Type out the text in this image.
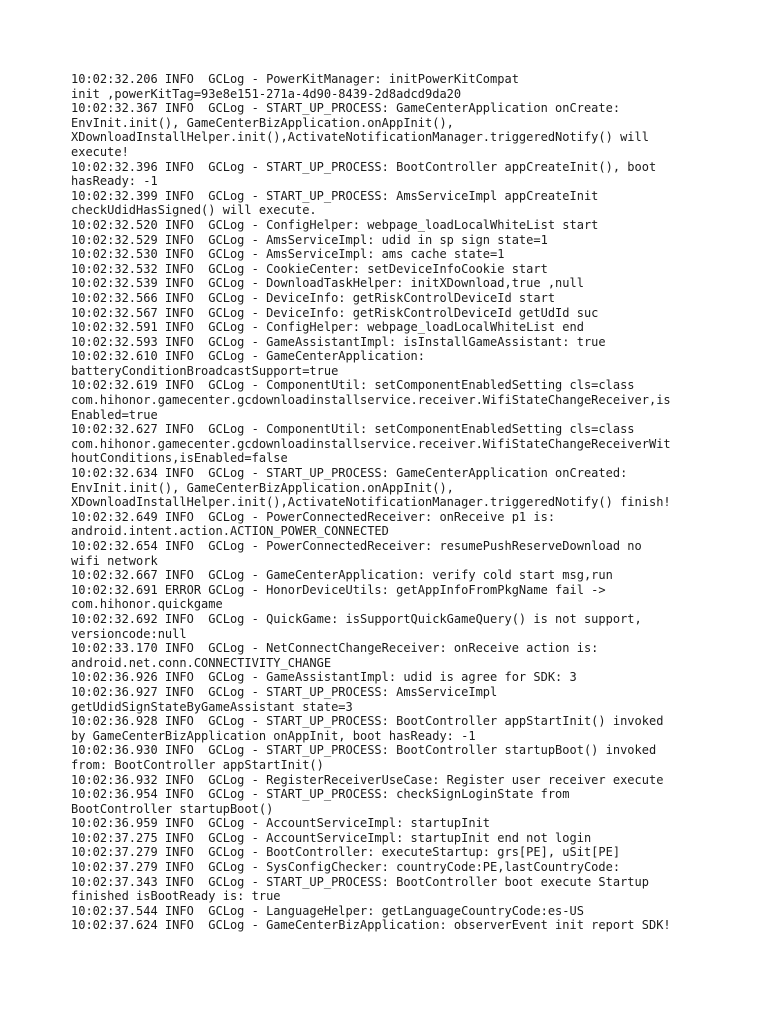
10:02:32.206 INFO  GCLog - PowerKitManager: initPowerKitCompat
init ,powerKitTag=93e8e151-271a-4d90-8439-2d8adcd9da20
10:02:32.367 INFO  GCLog - START_UP_PROCESS: GameCenterApplication onCreate:
EnvInit.init(), GameCenterBizApplication.onAppInit(),
XDownloadInstallHelper.init(),ActivateNotificationManager.triggeredNotify() will
execute!
10:02:32.396 INFO  GCLog - START_UP_PROCESS: BootController appCreateInit(), boot
hasReady: -1
10:02:32.399 INFO  GCLog - START_UP_PROCESS: AmsServiceImpl appCreateInit
checkUdidHasSigned() will execute.
10:02:32.520 INFO  GCLog - ConfigHelper: webpage_loadLocalWhiteList start
10:02:32.529 INFO  GCLog - AmsServiceImpl: udid in sp sign state=1
10:02:32.530 INFO  GCLog - AmsServiceImpl: ams cache state=1
10:02:32.532 INFO  GCLog - CookieCenter: setDeviceInfoCookie start
10:02:32.539 INFO  GCLog - DownloadTaskHelper: initXDownload,true ,null
10:02:32.566 INFO  GCLog - DeviceInfo: getRiskControlDeviceId start
10:02:32.567 INFO  GCLog - DeviceInfo: getRiskControlDeviceId getUdId suc
10:02:32.591 INFO  GCLog - ConfigHelper: webpage_loadLocalWhiteList end
10:02:32.593 INFO  GCLog - GameAssistantImpl: isInstallGameAssistant: true
10:02:32.610 INFO  GCLog - GameCenterApplication:
batteryConditionBroadcastSupport=true
10:02:32.619 INFO  GCLog - ComponentUtil: setComponentEnabledSetting cls=class
com.hihonor.gamecenter.gcdownloadinstallservice.receiver.WifiStateChangeReceiver,is
Enabled=true
10:02:32.627 INFO  GCLog - ComponentUtil: setComponentEnabledSetting cls=class
com.hihonor.gamecenter.gcdownloadinstallservice.receiver.WifiStateChangeReceiverWit
houtConditions,isEnabled=false
10:02:32.634 INFO  GCLog - START_UP_PROCESS: GameCenterApplication onCreated:
EnvInit.init(), GameCenterBizApplication.onAppInit(),
XDownloadInstallHelper.init(),ActivateNotificationManager.triggeredNotify() finish!
10:02:32.649 INFO  GCLog - PowerConnectedReceiver: onReceive p1 is:
android.intent.action.ACTION_POWER_CONNECTED
10:02:32.654 INFO  GCLog - PowerConnectedReceiver: resumePushReserveDownload no
wifi network
10:02:32.667 INFO  GCLog - GameCenterApplication: verify cold start msg,run
10:02:32.691 ERROR GCLog - HonorDeviceUtils: getAppInfoFromPkgName fail ->
com.hihonor.quickgame
10:02:32.692 INFO  GCLog - QuickGame: isSupportQuickGameQuery() is not support,
versioncode:null
10:02:33.170 INFO  GCLog - NetConnectChangeReceiver: onReceive action is:
android.net.conn.CONNECTIVITY_CHANGE
10:02:36.926 INFO  GCLog - GameAssistantImpl: udid is agree for SDK: 3
10:02:36.927 INFO  GCLog - START_UP_PROCESS: AmsServiceImpl
getUdidSignStateByGameAssistant state=3
10:02:36.928 INFO  GCLog - START_UP_PROCESS: BootController appStartInit() invoked
by GameCenterBizApplication onAppInit, boot hasReady: -1
10:02:36.930 INFO  GCLog - START_UP_PROCESS: BootController startupBoot() invoked
from: BootController appStartInit()
10:02:36.932 INFO  GCLog - RegisterReceiverUseCase: Register user receiver execute
10:02:36.954 INFO  GCLog - START_UP_PROCESS: checkSignLoginState from
BootController startupBoot()
10:02:36.959 INFO  GCLog - AccountServiceImpl: startupInit
10:02:37.275 INFO  GCLog - AccountServiceImpl: startupInit end not login
10:02:37.279 INFO  GCLog - BootController: executeStartup: grs[PE], uSit[PE]
10:02:37.279 INFO  GCLog - SysConfigChecker: countryCode:PE,lastCountryCode:
10:02:37.343 INFO  GCLog - START_UP_PROCESS: BootController boot execute Startup
finished isBootReady is: true
10:02:37.544 INFO  GCLog - LanguageHelper: getLanguageCountryCode:es-US
10:02:37.624 INFO  GCLog - GameCenterBizApplication: observerEvent init report SDK!
